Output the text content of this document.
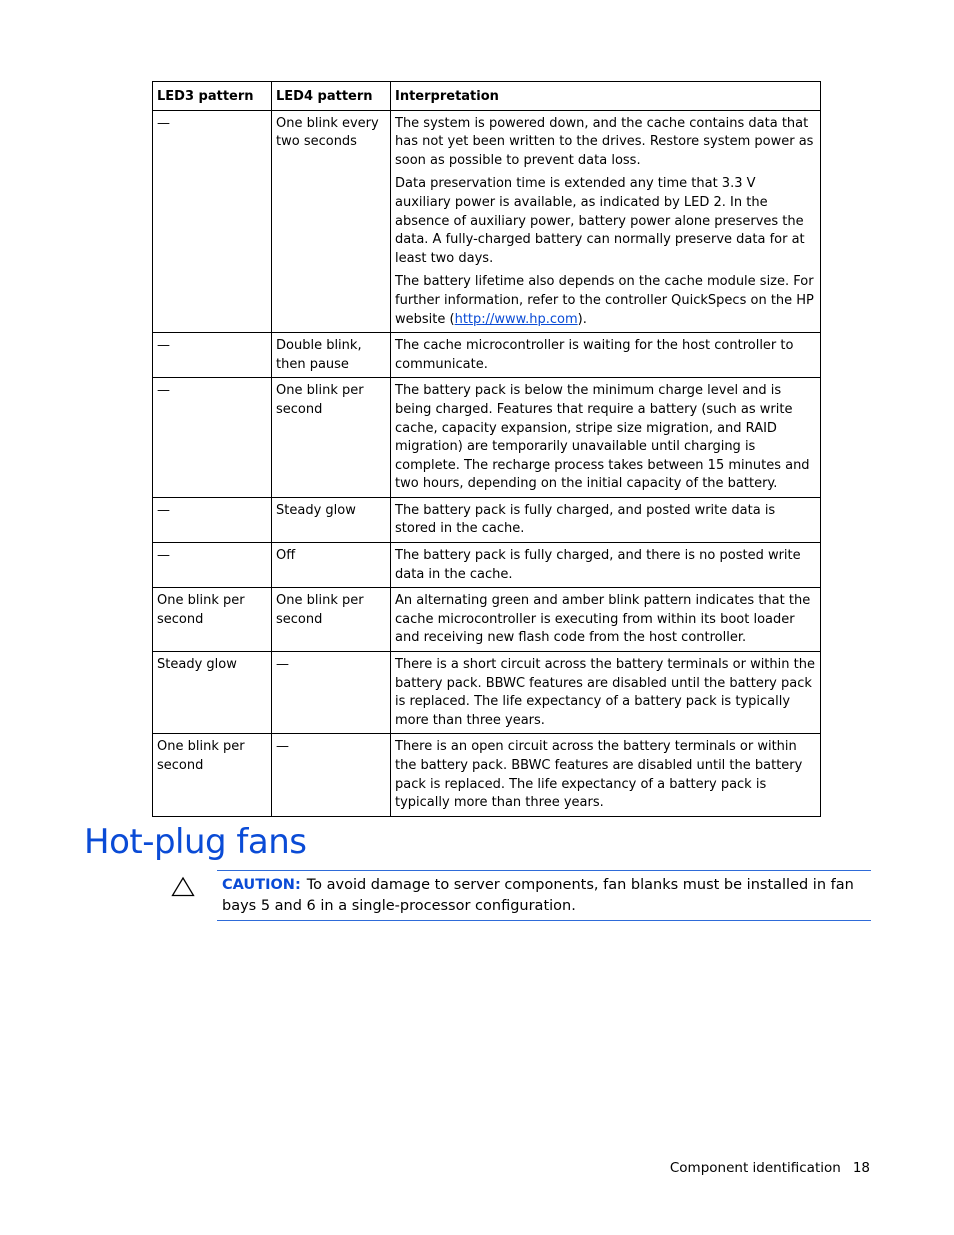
LED3 pattern	LED4 pattern	Interpretation
—	One blink every two seconds	The system is powered down, and the cache contains data that has not yet been written to the drives. Restore system power as soon as possible to prevent data loss.

Data preservation time is extended any time that 3.3 V auxiliary power is available, as indicated by LED 2. In the absence of auxiliary power, battery power alone preserves the data. A fully-charged battery can normally preserve data for at least two days.

The battery lifetime also depends on the cache module size. For further information, refer to the controller QuickSpecs on the HP website (http://www.hp.com).

—	Double blink, then pause	The cache microcontroller is waiting for the host controller to communicate.
—	One blink per second	The battery pack is below the minimum charge level and is being charged. Features that require a battery (such as write cache, capacity expansion, stripe size migration, and RAID migration) are temporarily unavailable until charging is complete. The recharge process takes between 15 minutes and two hours, depending on the initial capacity of the battery.
—	Steady glow	The battery pack is fully charged, and posted write data is stored in the cache.
—	Off	The battery pack is fully charged, and there is no posted write data in the cache.
One blink per second	One blink per second	An alternating green and amber blink pattern indicates that the cache microcontroller is executing from within its boot loader and receiving new flash code from the host controller.
Steady glow	—	There is a short circuit across the battery terminals or within the battery pack. BBWC features are disabled until the battery pack is replaced. The life expectancy of a battery pack is typically more than three years.
One blink per second	—	There is an open circuit across the battery terminals or within the battery pack. BBWC features are disabled until the battery pack is replaced. The life expectancy of a battery pack is typically more than three years.
Hot-plug fans
CAUTION: To avoid damage to server components, fan blanks must be installed in fan bays 5 and 6 in a single-processor configuration.
Component identification 18
